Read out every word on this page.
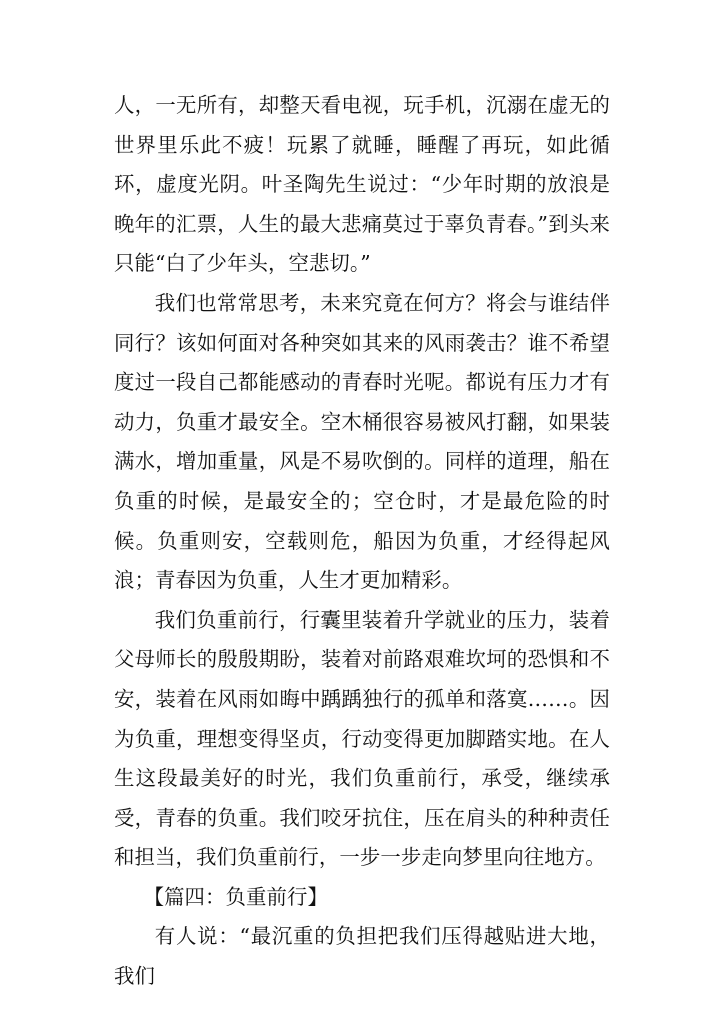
人，一无所有，却整天看电视，玩手机，沉溺在虚无的世界里乐此不疲！玩累了就睡，睡醒了再玩，如此循环，虚度光阴。叶圣陶先生说过：“少年时期的放浪是晚年的汇票，人生的最大悲痛莫过于辜负青春。”到头来只能“白了少年头，空悲切。”

我们也常常思考，未来究竟在何方？将会与谁结伴同行？该如何面对各种突如其来的风雨袭击？谁不希望度过一段自己都能感动的青春时光呢。都说有压力才有动力，负重才最安全。空木桶很容易被风打翻，如果装满水，增加重量，风是不易吹倒的。同样的道理，船在负重的时候，是最安全的；空仓时，才是最危险的时候。负重则安，空载则危，船因为负重，才经得起风浪；青春因为负重，人生才更加精彩。

我们负重前行，行囊里装着升学就业的压力，装着父母师长的殷殷期盼，装着对前路艰难坎坷的恐惧和不安，装着在风雨如晦中踽踽独行的孤单和落寞……。因为负重，理想变得坚贞，行动变得更加脚踏实地。在人生这段最美好的时光，我们负重前行，承受，继续承受，青春的负重。我们咬牙抗住，压在肩头的种种责任和担当，我们负重前行，一步一步走向梦里向往地方。

【篇四：负重前行】

有人说：“最沉重的负担把我们压得越贴进大地，我们
